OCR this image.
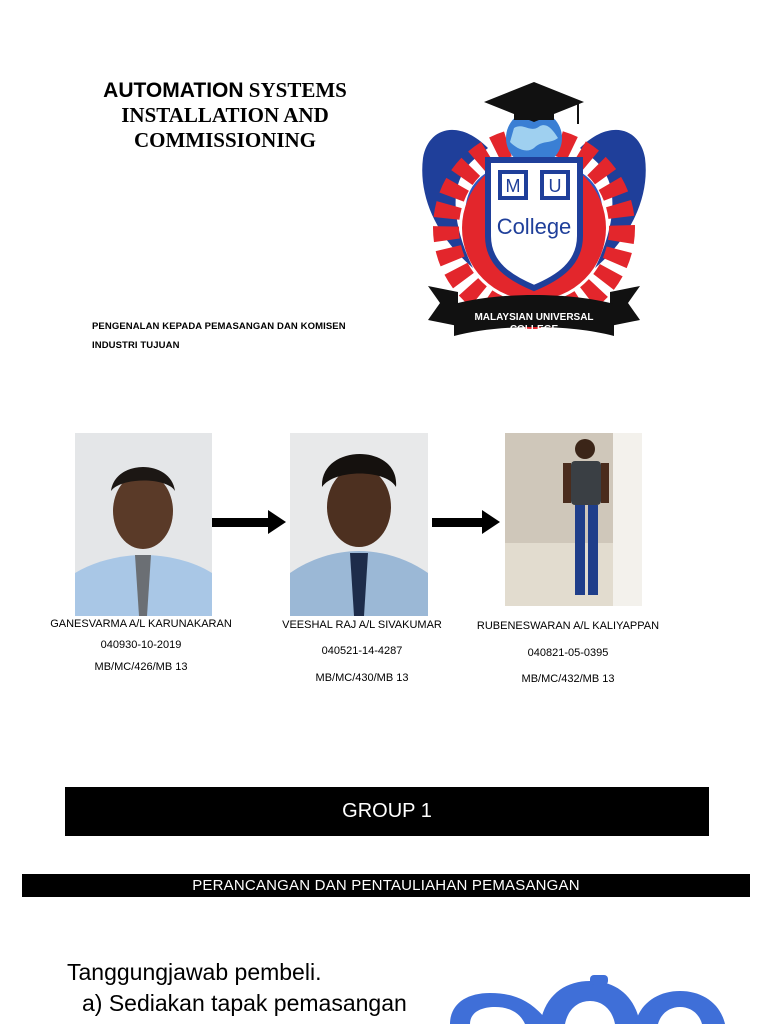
AUTOMATION SYSTEMS
INSTALLATION AND
COMMISSIONING
PENGENALAN KEPADA PEMASANGAN DAN KOMISEN
INDUSTRI TUJUAN
M U
College
MALAYSIAN UNIVERSAL
COLLEGE
GANESVARMA A/L KARUNAKARAN
040930-10-2019
MB/MC/426/MB 13
VEESHAL RAJ A/L SIVAKUMAR
040521-14-4287
MB/MC/430/MB 13
RUBENESWARAN A/L KALIYAPPAN
040821-05-0395
MB/MC/432/MB 13
GROUP 1
PERANCANGAN DAN PENTAULIAHAN PEMASANGAN
Tanggungjawab pembeli.
a) Sediakan tapak pemasangan
